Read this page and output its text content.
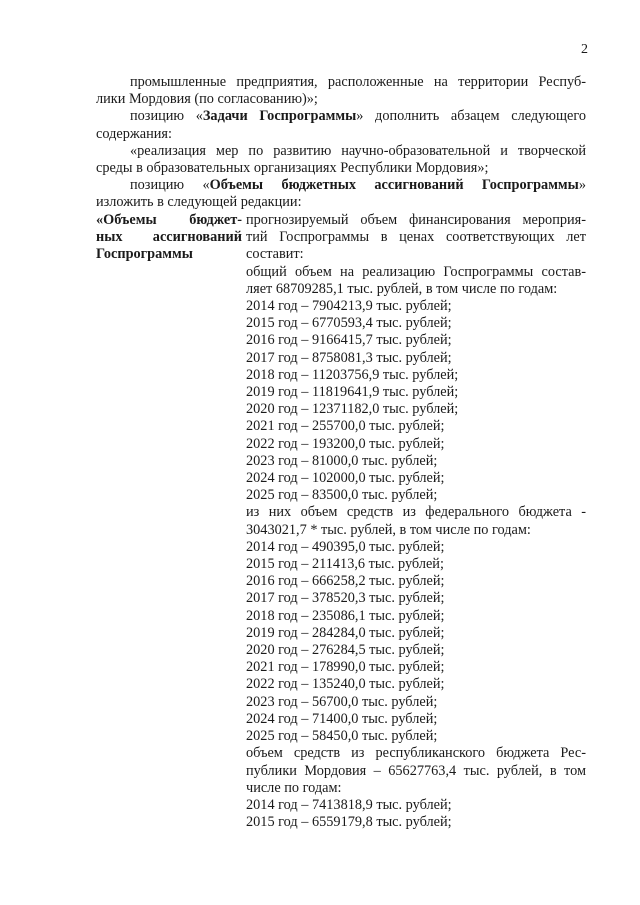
2

промышленные предприятия, расположенные на территории Респуб-

лики Мордовия (по согласованию)»;

позицию «Задачи Госпрограммы» дополнить абзацем следующего

содержания:

«реализация мер по развитию научно-образовательной и творческой

среды в образовательных организациях Республики Мордовия»;

позицию «Объемы бюджетных ассигнований Госпрограммы»

изложить в следующей редакции:

«Объемы бюджет-
ных ассигнований
Госпрограммы
прогнозируемый объем финансирования мероприя-
тий Госпрограммы в ценах соответствующих лет
составит:
общий объем на реализацию Госпрограммы состав-
ляет 68709285,1 тыс. рублей, в том числе по годам:
2014 год – 7904213,9 тыс. рублей;
2015 год – 6770593,4 тыс. рублей;
2016 год – 9166415,7 тыс. рублей;
2017 год – 8758081,3 тыс. рублей;
2018 год – 11203756,9 тыс. рублей;
2019 год – 11819641,9 тыс. рублей;
2020 год – 12371182,0 тыс. рублей;
2021 год – 255700,0 тыс. рублей;
2022 год – 193200,0 тыс. рублей;
2023 год – 81000,0 тыс. рублей;
2024 год – 102000,0 тыс. рублей;
2025 год – 83500,0 тыс. рублей;
из них объем средств из федерального бюджета -
3043021,7 * тыс. рублей, в том числе по годам:
2014 год – 490395,0 тыс. рублей;
2015 год – 211413,6 тыс. рублей;
2016 год – 666258,2 тыс. рублей;
2017 год – 378520,3 тыс. рублей;
2018 год – 235086,1 тыс. рублей;
2019 год – 284284,0 тыс. рублей;
2020 год – 276284,5 тыс. рублей;
2021 год – 178990,0 тыс. рублей;
2022 год – 135240,0 тыс. рублей;
2023 год – 56700,0 тыс. рублей;
2024 год – 71400,0 тыс. рублей;
2025 год – 58450,0 тыс. рублей;
объем средств из республиканского бюджета Рес-
публики Мордовия – 65627763,4 тыс. рублей, в том
числе по годам:
2014 год – 7413818,9 тыс. рублей;
2015 год – 6559179,8 тыс. рублей;
